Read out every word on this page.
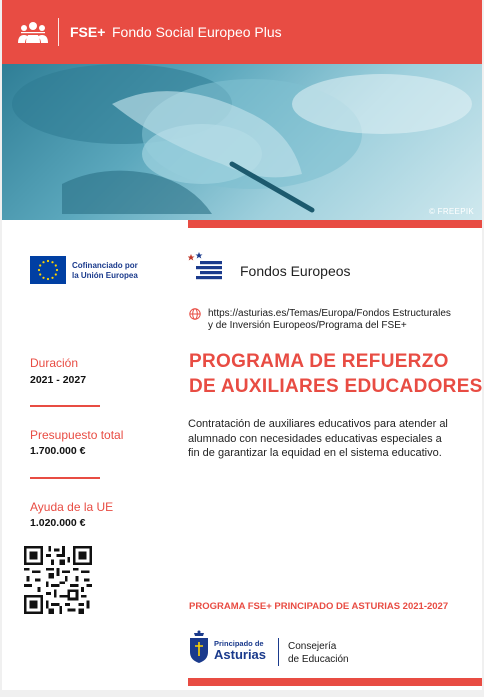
FSE+ Fondo Social Europeo Plus
© FREEPIK
Cofinanciado por
la Unión Europea	Fondos Europeos
https://asturias.es/Temas/Europa/Fondos Estructurales
y de Inversión Europeos/Programa del FSE+
PROGRAMA DE REFUERZO
DE AUXILIARES EDUCADORES
Contratación de auxiliares educativos para atender al alumnado con necesidades educativas especiales a fin de garantizar la equidad en el sistema educativo.
Duración
2021 - 2027
Presupuesto total
1.700.000 €
Ayuda de la UE
1.020.000 €
PROGRAMA FSE+ PRINCIPADO DE ASTURIAS 2021-2027
Principado de
Asturias
Consejería
de Educación
